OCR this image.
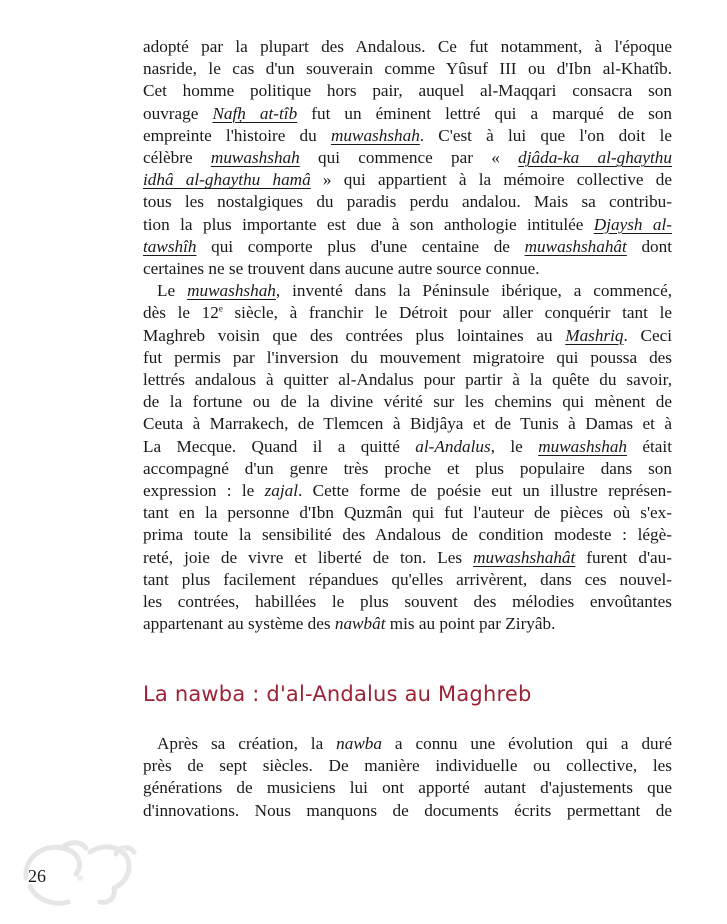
adopté par la plupart des Andalous. Ce fut notamment, à l'époque
nasride, le cas d'un souverain comme Yûsuf III ou d'Ibn al-Khatîb.
Cet homme politique hors pair, auquel al-Maqqari consacra son
ouvrage Nafḥ at-tîb fut un éminent lettré qui a marqué de son
empreinte l'histoire du muwashshah. C'est à lui que l'on doit le
célèbre muwashshah qui commence par « djâda-ka al-ghaythu
idhâ al-ghaythu hamâ » qui appartient à la mémoire collective de
tous les nostalgiques du paradis perdu andalou. Mais sa contribu-
tion la plus importante est due à son anthologie intitulée Djaysh al-
tawshîh qui comporte plus d'une centaine de muwashshahât dont
certaines ne se trouvent dans aucune autre source connue.

Le muwashshah, inventé dans la Péninsule ibérique, a commencé,
dès le 12e siècle, à franchir le Détroit pour aller conquérir tant le
Maghreb voisin que des contrées plus lointaines au Mashriq. Ceci
fut permis par l'inversion du mouvement migratoire qui poussa des
lettrés andalous à quitter al-Andalus pour partir à la quête du savoir,
de la fortune ou de la divine vérité sur les chemins qui mènent de
Ceuta à Marrakech, de Tlemcen à Bidjâya et de Tunis à Damas et à
La Mecque. Quand il a quitté al-Andalus, le muwashshah était
accompagné d'un genre très proche et plus populaire dans son
expression : le zajal. Cette forme de poésie eut un illustre représen-
tant en la personne d'Ibn Quzmân qui fut l'auteur de pièces où s'ex-
prima toute la sensibilité des Andalous de condition modeste : légè-
reté, joie de vivre et liberté de ton. Les muwashshahât furent d'au-
tant plus facilement répandues qu'elles arrivèrent, dans ces nouvel-
les contrées, habillées le plus souvent des mélodies envoûtantes
appartenant au système des nawbât mis au point par Ziryâb.

La nawba : d'al-Andalus au Maghreb

Après sa création, la nawba a connu une évolution qui a duré
près de sept siècles. De manière individuelle ou collective, les
générations de musiciens lui ont apporté autant d'ajustements que
d'innovations. Nous manquons de documents écrits permettant de

26
